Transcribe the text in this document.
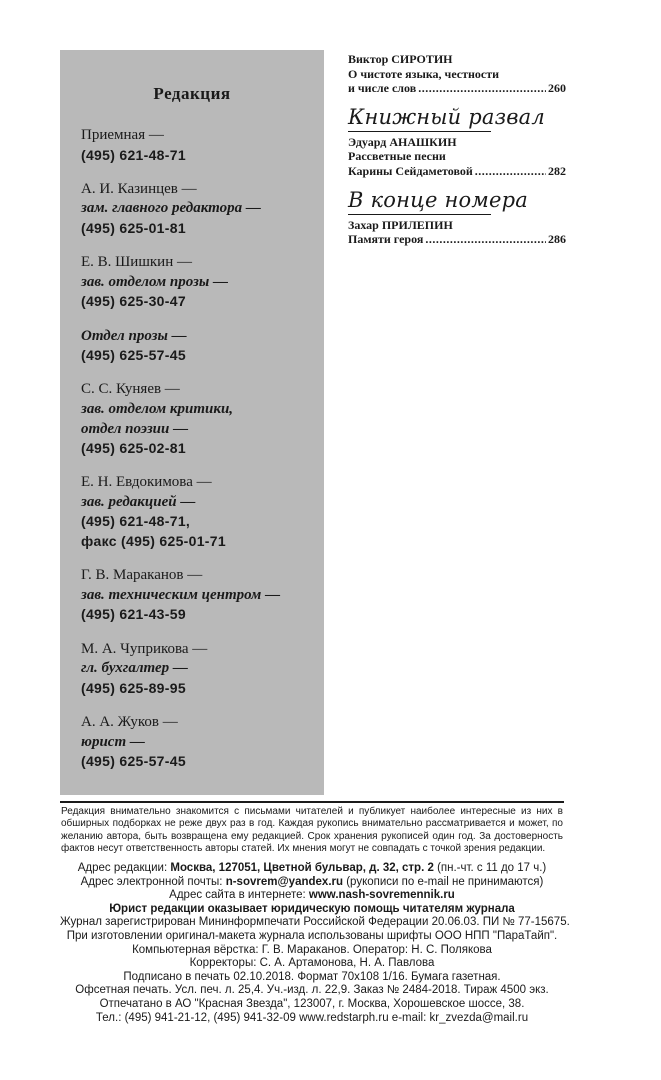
Редакция
Приемная —
(495) 621-48-71
А. И. Казинцев —
зам. главного редактора —
(495) 625-01-81
Е. В. Шишкин —
зав. отделом прозы —
(495) 625-30-47
Отдел прозы —
(495) 625-57-45
С. С. Куняев —
зав. отделом критики,
отдел поэзии —
(495) 625-02-81
Е. Н. Евдокимова —
зав. редакцией —
(495) 621-48-71,
факс (495) 625-01-71
Г. В. Мараканов —
зав. техническим центром —
(495) 621-43-59
М. А. Чуприкова —
гл. бухгалтер —
(495) 625-89-95
А. А. Жуков —
юрист —
(495) 625-57-45
Виктор СИРОТИН
О чистоте языка, честности
и числе слов .....	260
Книжный развал
Эдуард АНАШКИН
Рассветные песни
Карины Сейдаметовой .....	282
В конце номера
Захар ПРИЛЕПИН
Памяти героя .....	286
Редакция внимательно знакомится с письмами читателей и публикует наиболее интересные из них в обширных подборках не реже двух раз в год. Каждая рукопись внимательно рассматривается и может, по желанию автора, быть возвращена ему редакцией. Срок хранения рукописей один год. За достоверность фактов несут ответственность авторы статей. Их мнения могут не совпадать с точкой зрения редакции.
Адрес редакции: Москва, 127051, Цветной бульвар, д. 32, стр. 2 (пн.-чт. с 11 до 17 ч.)
Адрес электронной почты: n-sovrem@yandex.ru (рукописи по e-mail не принимаются)
Адрес сайта в интернете: www.nash-sovremennik.ru
Юрист редакции оказывает юридическую помощь читателям журнала
Журнал зарегистрирован Мининформпечати Российской Федерации 20.06.03. ПИ № 77-15675.
При изготовлении оригинал-макета журнала использованы шрифты ООО НПП "ПараТайп".
Компьютерная вёрстка: Г. В. Мараканов. Оператор: Н. С. Полякова
Корректоры: С. А. Артамонова, Н. А. Павлова
Подписано в печать 02.10.2018. Формат 70x108 1/16. Бумага газетная.
Офсетная печать. Усл. печ. л. 25,4. Уч.-изд. л. 22,9. Заказ № 2484-2018. Тираж 4500 экз.
Отпечатано в АО "Красная Звезда", 123007, г. Москва, Хорошевское шоссе, 38.
Тел.: (495) 941-21-12, (495) 941-32-09 www.redstarph.ru e-mail: kr_zvezda@mail.ru
